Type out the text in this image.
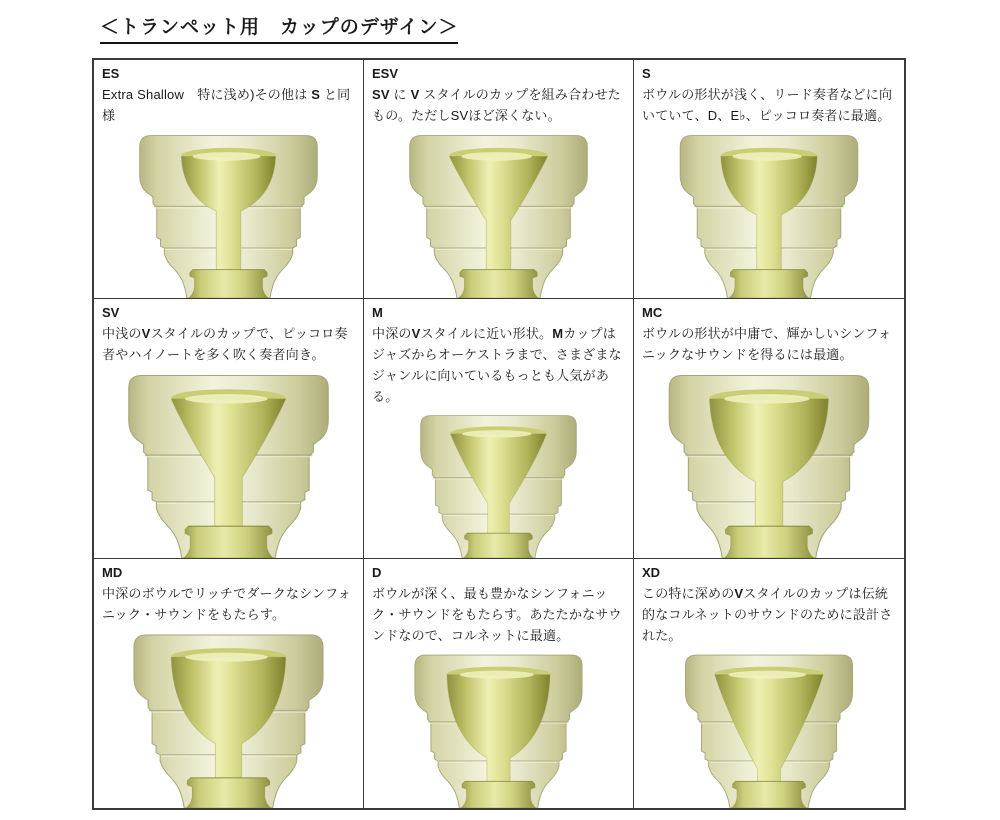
＜トランペット用　カップのデザイン＞
ES
Extra Shallow　特に浅め)その他は S と同様
ESV
SV に V スタイルのカップを組み合わせたもの。ただしSVほど深くない。
S
ボウルの形状が浅く、リード奏者などに向いていて、D、E♭、ピッコロ奏者に最適。
SV
中浅のVスタイルのカップで、ピッコロ奏者やハイノートを多く吹く奏者向き。
M
中深のVスタイルに近い形状。Mカップはジャズからオーケストラまで、さまざまなジャンルに向いているもっとも人気がある。
MC
ボウルの形状が中庸で、輝かしいシンフォニックなサウンドを得るには最適。
MD
中深のボウルでリッチでダークなシンフォニック・サウンドをもたらす。
D
ボウルが深く、最も豊かなシンフォニック・サウンドをもたらす。あたたかなサウンドなので、コルネットに最適。
XD
この特に深めのVスタイルのカップは伝統的なコルネットのサウンドのために設計された。
